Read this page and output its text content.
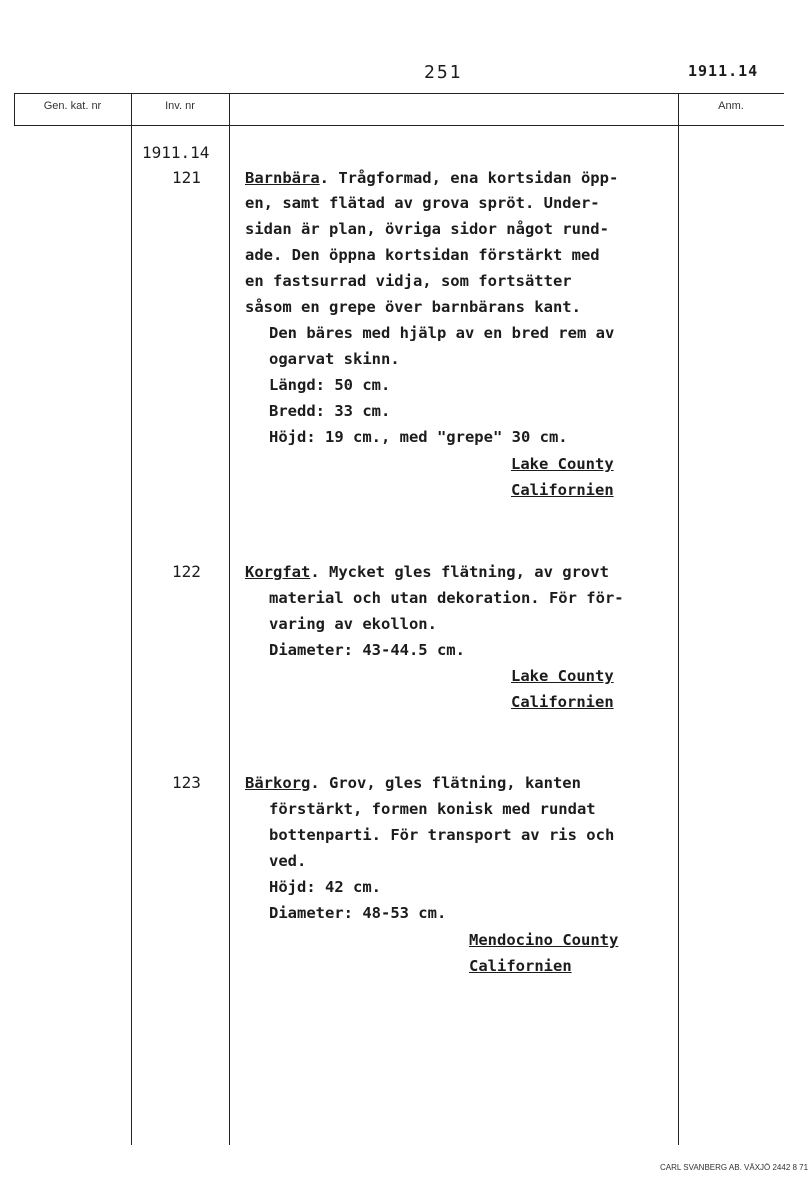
251	1911.14
Gen. kat. nr	Inv. nr	Anm.
1911.14
121	Barnbära. Trågformad, ena kortsidan öpp-
en, samt flätad av grova spröt. Under-
sidan är plan, övriga sidor något rund-
ade. Den öppna kortsidan förstärkt med
en fastsurrad vidja, som fortsätter
såsom en grepe över barnbärans kant.
Den bäres med hjälp av en bred rem av
ogarvat skinn.
Längd: 50 cm.
Bredd: 33 cm.
Höjd: 19 cm., med "grepe" 30 cm.
Lake County
Californien
122	Korgfat. Mycket gles flätning, av grovt
material och utan dekoration. För för-
varing av ekollon.
Diameter: 43-44.5 cm.
Lake County
Californien
123	Bärkorg. Grov, gles flätning, kanten
förstärkt, formen konisk med rundat
bottenparti. För transport av ris och
ved.
Höjd: 42 cm.
Diameter: 48-53 cm.
Mendocino County
Californien
CARL SVANBERG AB. VÄXJÖ 2442 8 71
